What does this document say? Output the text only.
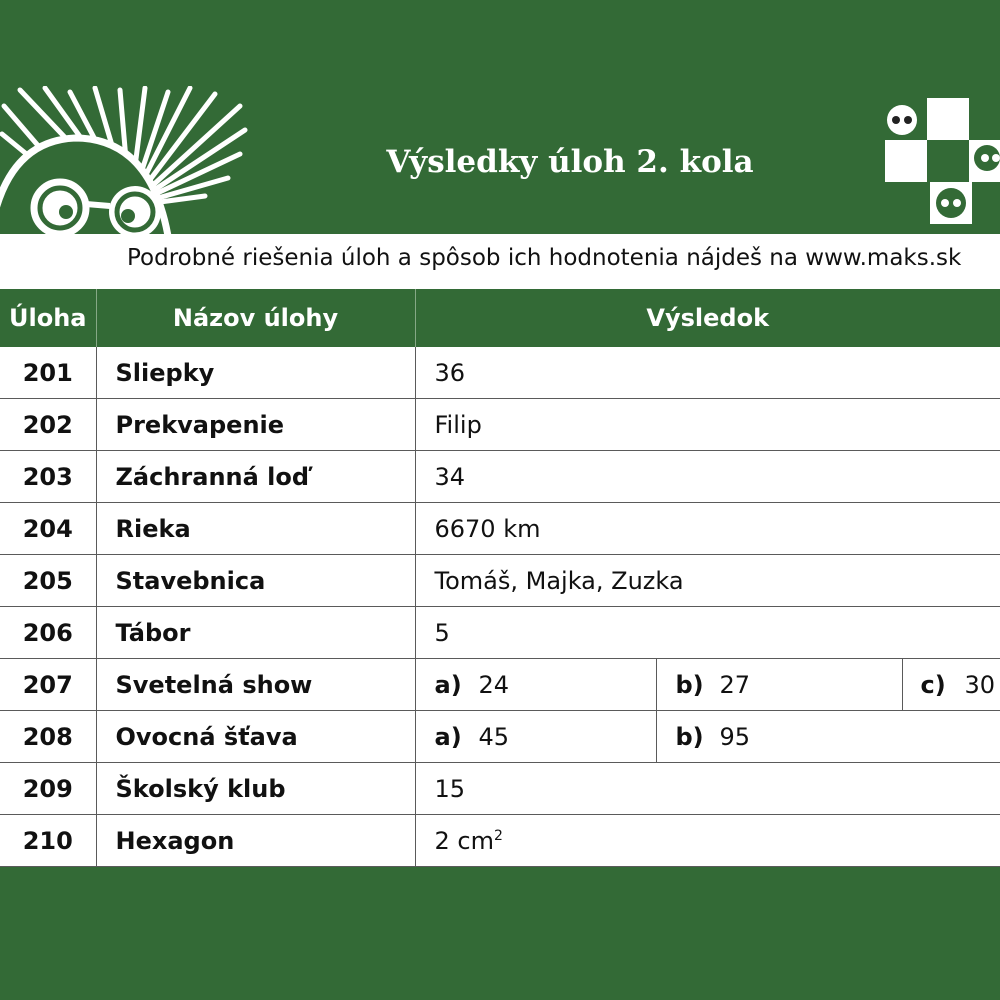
Výsledky úloh 2. kola
Podrobné riešenia úloh a spôsob ich hodnotenia nájdeš na www.maks.sk
Úloha	Názov úlohy	Výsledok		
201	Sliepky	36		
202	Prekvapenie	Filip		
203	Záchranná loď	34		
204	Rieka	6670 km		
205	Stavebnica	Tomáš, Majka, Zuzka		
206	Tábor	5		
207	Svetelná show	a) 24	b) 27	c) 30
208	Ovocná šťava	a) 45	b) 95	
209	Školský klub	15		
210	Hexagon	2 $cm^2$
